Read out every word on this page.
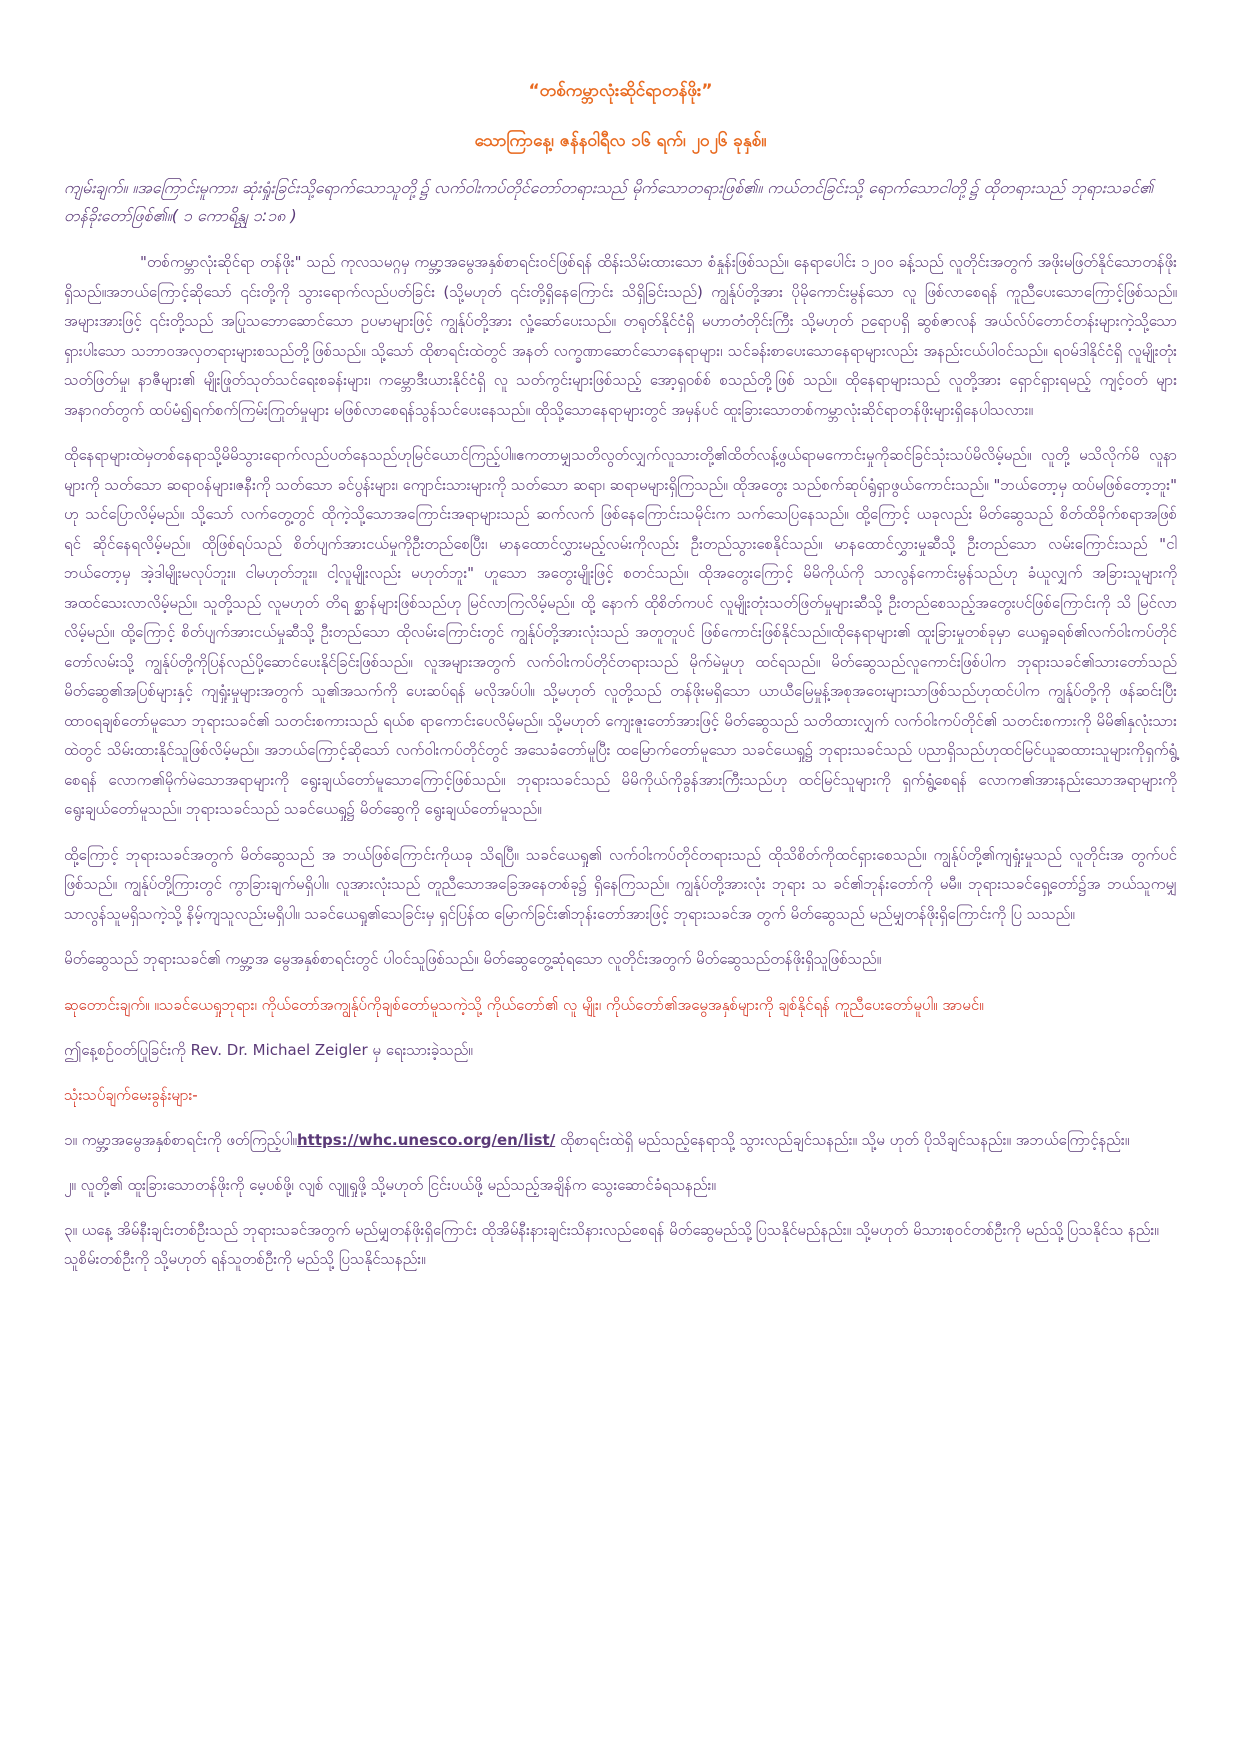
“တစ်ကမ္ဘာလုံးဆိုင်ရာတန်ဖိုး”
သောကြာနေ့၊ ဇန်နဝါရီလ ၁၆ ရက်၊ ၂၀၂၆ ခုနှစ်။
ကျမ်းချက်။ ။အကြောင်းမူကား၊ ဆုံးရှုံးခြင်းသို့ရောက်သောသူတို့၌ လက်ဝါးကပ်တိုင်တော်တရားသည် မိုက်သောတရားဖြစ်၏။ ကယ်တင်ခြင်းသို့ ရောက်သောငါတို့၌ ထိုတရားသည် ဘုရားသခင်၏ တန်ခိုးတော်ဖြစ်၏။( ၁ ကောရိန္သု ၁:၁၈ )

"တစ်ကမ္ဘာလုံးဆိုင်ရာ တန်ဖိုး" သည် ကုလသမဂ္ဂမှ ကမ္ဘာ့အမွေအနှစ်စာရင်းဝင်ဖြစ်ရန် ထိန်းသိမ်းထားသော စံနှုန်းဖြစ်သည်။ နေရာပေါင်း ၁၂၀၀ ခန့်သည် လူတိုင်းအတွက် အဖိုးမဖြတ်နိုင်သောတန်ဖိုးရှိသည်။အဘယ်ကြောင့်ဆိုသော် ၎င်းတို့ကို သွားရောက်လည်ပတ်ခြင်း (သို့မဟုတ် ၎င်းတို့ရှိနေကြောင်း သိရှိခြင်းသည်) ကျွန်ုပ်တို့အား ပိုမိုကောင်းမွန်သော လူ ဖြစ်လာစေရန် ကူညီပေးသောကြောင့်ဖြစ်သည်။ အများအားဖြင့် ၎င်းတို့သည် အပြုသဘောဆောင်သော ဥပမာများဖြင့် ကျွန်ုပ်တို့အား လှုံ့ဆော်ပေးသည်။ တရုတ်နိုင်ငံရှိ မဟာတံတိုင်းကြီး သို့မဟုတ် ဉရောပရှိ ဆွစ်ဇာလန် အယ်လ်ပ်တောင်တန်းများကဲ့သို့သော ရှားပါးသော သဘာဝအလှတရားများစသည်တို့ဖြစ်သည်။ သို့သော် ထိုစာရင်းထဲတွင် အနတ် လက္ခဏာဆောင်သောနေရာများ၊ သင်ခန်းစာပေးသောနေရာများလည်း အနည်းငယ်ပါဝင်သည်။ ရဝမ်ဒါနိုင်ငံရှိ လူမျိုးတုံးသတ်ဖြတ်မှု၊ နာဇီများ၏ မျိုးဖြုတ်သုတ်သင်ရေးစခန်းများ၊ ကမ္ဘောဒီးယားနိုင်ငံရှိ လူ သတ်ကွင်းများဖြစ်သည့် အော့ရှဝစ်စ် စသည်တို့ဖြစ် သည်။ ထိုနေရာများသည် လူတို့အား ရှောင်ရှားရမည့် ကျင့်ဝတ် များအနာဂတ်တွက် ထပ်မံ၍ရက်စက်ကြမ်းကြုတ်မှုများ မဖြစ်လာစေရန်သွန်သင်ပေးနေသည်။ ထိုသို့သောနေရာများတွင် အမှန်ပင် ထူးခြားသောတစ်ကမ္ဘာလုံးဆိုင်ရာတန်ဖိုးများရှိနေပါသလား။

ထိုနေရာများထဲမှတစ်နေရာသို့မိမိသွားရောက်လည်ပတ်နေသည်ဟုမြင်ယောင်ကြည့်ပါ။ဧကတာမျှသတိလွတ်လျှက်လူသားတို့၏ထိတ်လန့်ဖွယ်ရာမကောင်းမှုကိုဆင်ခြင်သုံးသပ်မိလိမ့်မည်။ လူတို့ မသိလိုက်မိ လူနာများကို သတ်သော ဆရာဝန်များ၊ဇနီးကို သတ်သော ခင်ပွန်းများ၊ ကျောင်းသားများကို သတ်သော ဆရာ၊ ဆရာမများရှိကြသည်။ ထိုအတွေး သည်စက်ဆုပ်ရွံရှာဖွယ်ကောင်းသည်။ "ဘယ်တော့မှ ထပ်မဖြစ်တော့ဘူး" ဟု သင်ပြောလိမ့်မည်။ သို့သော် လက်တွေ့တွင် ထိုကဲ့သို့သောအကြောင်းအရာများသည် ဆက်လက် ဖြစ်နေကြောင်းသမိုင်းက သက်သေပြနေသည်။ ထို့ကြောင့် ယခုလည်း မိတ်ဆွေသည် စိတ်ထိခိုက်စရာအဖြစ် ရင် ဆိုင်နေရလိမ့်မည်။ ထိုဖြစ်ရပ်သည် စိတ်ပျက်အားငယ်မှုကိုဦးတည်စေပြီး၊ မာနထောင်လွှားမည့်လမ်းကိုလည်း ဦးတည်သွားစေနိုင်သည်။ မာနထောင်လွှားမှုဆီသို့ ဦးတည်သော လမ်းကြောင်းသည် "ငါ ဘယ်တော့မှ အဲ့ဒါမျိုးမလုပ်ဘူး။ ငါမဟုတ်ဘူး။ ငါ့လူမျိုးလည်း မဟုတ်ဘူး" ဟူသော အတွေးမျိုးဖြင့် စတင်သည်။ ထိုအတွေးကြောင့် မိမိကိုယ်ကို သာလွန်ကောင်းမွန်သည်ဟု ခံယူလျှက် အခြားသူများကို အထင်သေးလာလိမ့်မည်။ သူတို့သည် လူမဟုတ် တိရ စ္ဆာန်များဖြစ်သည်ဟု မြင်လာကြလိမ့်မည်။ ထို့ နောက် ထိုစိတ်ကပင် လူမျိုးတုံးသတ်ဖြတ်မှုများဆီသို့ ဦးတည်စေသည့်အတွေးပင်ဖြစ်ကြောင်းကို သိ မြင်လာလိမ့်မည်။ ထို့ကြောင့် စိတ်ပျက်အားငယ်မှုဆီသို့ ဦးတည်သော ထိုလမ်းကြောင်းတွင် ကျွန်ုပ်တို့အားလုံးသည် အတူတူပင် ဖြစ်ကောင်းဖြစ်နိုင်သည်။ထိုနေရာများ၏ ထူးခြားမှုတစ်ခုမှာ ယေရှုခရစ်၏လက်ဝါးကပ်တိုင်တော်လမ်းသို့ ကျွန်ုပ်တို့ကိုပြန်လည်ပို့ဆောင်ပေးနိုင်ခြင်းဖြစ်သည်။ လူအများအတွက် လက်ဝါးကပ်တိုင်တရားသည် မိုက်မဲမှုဟု ထင်ရသည်။ မိတ်ဆွေသည်လူကောင်းဖြစ်ပါက ဘုရားသခင်၏သားတော်သည် မိတ်ဆွေ၏အပြစ်များနှင့် ကျရှုံးမှုများအတွက် သူ၏အသက်ကို ပေးဆပ်ရန် မလိုအပ်ပါ။ သို့မဟုတ် လူတို့သည် တန်ဖိုးမရှိသော ယာယီမြေမှုန့်အစုအဝေးများသာဖြစ်သည်ဟုထင်ပါက ကျွန်ုပ်တို့ကို ဖန်ဆင်းပြီး ထာဝရချစ်တော်မူသော ဘုရားသခင်၏ သတင်းစကားသည် ရယ်စ ရာကောင်းပေလိမ့်မည်။ သို့မဟုတ် ကျေးဇူးတော်အားဖြင့် မိတ်ဆွေသည် သတိထားလျှက် လက်ဝါးကပ်တိုင်၏ သတင်းစကားကို မိမိ၏နှလုံးသားထဲတွင် သိမ်းထားနိုင်သူဖြစ်လိမ့်မည်။ အဘယ်ကြောင့်ဆိုသော် လက်ဝါးကပ်တိုင်တွင် အသေခံတော်မူပြီး ထမြောက်တော်မူသော သခင်ယေရှု၌ ဘုရားသခင်သည် ပညာရှိသည်ဟုထင်မြင်ယူဆထားသူများကိုရှက်ရွံ့စေရန် လောက၏မိုက်မဲသောအရာများကို ရွေးချယ်တော်မူသောကြောင့်ဖြစ်သည်။ ဘုရားသခင်သည် မိမိကိုယ်ကိုခွန်အားကြီးသည်ဟု ထင်မြင်သူများကို ရှက်ရွံ့စေရန် လောက၏အားနည်းသောအရာများကို ရွေးချယ်တော်မူသည်။ ဘုရားသခင်သည် သခင်ယေရှု၌ မိတ်ဆွေကို ရွေးချယ်တော်မူသည်။

ထို့ကြောင့် ဘုရားသခင်အတွက် မိတ်ဆွေသည် အ ဘယ်ဖြစ်ကြောင်းကိုယခု သိရပြီ။ သခင်ယေရှု၏ လက်ဝါးကပ်တိုင်တရားသည် ထိုသိစိတ်ကိုထင်ရှားစေသည်။ ကျွန်ုပ်တို့၏ကျရှုံးမှုသည် လူတိုင်းအ တွက်ပင်ဖြစ်သည်။ ကျွန်ုပ်တို့ကြားတွင် ကွာခြားချက်မရှိပါ။ လူအားလုံးသည် တူညီသောအခြေအနေတစ်ခု၌ ရှိနေကြသည်။ ကျွန်ုပ်တို့အားလုံး ဘုရား သ ခင်၏ဘုန်းတော်ကို မမီ။ ဘုရားသခင်ရှေ့တော်၌အ ဘယ်သူကမျှ သာလွန်သူမရှိသကဲ့သို့ နိမ့်ကျသူလည်းမရှိပါ။ သခင်ယေရှု၏သေခြင်းမှ ရှင်ပြန်ထ မြောက်ခြင်း၏ဘုန်းတော်အားဖြင့် ဘုရားသခင်အ တွက် မိတ်ဆွေသည် မည်မျှတန်ဖိုးရှိကြောင်းကို ပြ သသည်။

မိတ်ဆွေသည် ဘုရားသခင်၏ ကမ္ဘာ့အ မွေအနှစ်စာရင်းတွင် ပါဝင်သူဖြစ်သည်။ မိတ်ဆွေတွေ့ဆုံရသော လူတိုင်းအတွက် မိတ်ဆွေသည်တန်ဖိုးရှိသူဖြစ်သည်။

ဆုတောင်းချက်။ ။သခင်ယေရှုဘုရား၊ ကိုယ်တော်အကျွန်ုပ်ကိုချစ်တော်မူသကဲ့သို့ ကိုယ်တော်၏ လူ မျိုး၊ ကိုယ်တော်၏အမွေအနှစ်များကို ချစ်နိုင်ရန် ကူညီပေးတော်မူပါ။ အာမင်။

ဤနေ့စဉ်ဝတ်ပြုခြင်းကို Rev. Dr. Michael Zeigler မှ ရေးသားခဲ့သည်။

သုံးသပ်ချက်မေးခွန်းများ-

၁။ ကမ္ဘာ့အမွေအနှစ်စာရင်းကို ဖတ်ကြည့်ပါ။https://whc.unesco.org/en/list/ ထိုစာရင်းထဲရှိ မည်သည့်နေရာသို့ သွားလည်ချင်သနည်း။ သို့မ ဟုတ် ပိုသိချင်သနည်း။ အဘယ်ကြောင့်နည်း။

၂။ လူတို့၏ ထူးခြားသောတန်ဖိုးကို မေ့ပစ်ဖို့၊ လျစ် လျူရှုဖို့ သို့မဟုတ် ငြင်းပယ်ဖို့ မည်သည့်အချိန်က သွေးဆောင်ခံရသနည်း။

၃။ ယနေ့ အိမ်နီးချင်းတစ်ဦးသည် ဘုရားသခင်အတွက် မည်မျှတန်ဖိုးရှိကြောင်း ထိုအိမ်နီးနားချင်းသိနားလည်စေရန် မိတ်ဆွေမည်သို့ပြသနိုင်မည်နည်း။ သို့မဟုတ် မိသားစုဝင်တစ်ဦးကို မည်သို့ပြသနိုင်သ နည်း။ သူစိမ်းတစ်ဦးကို သို့မဟုတ် ရန်သူတစ်ဦးကို မည်သို့ ပြသနိုင်သနည်း။
